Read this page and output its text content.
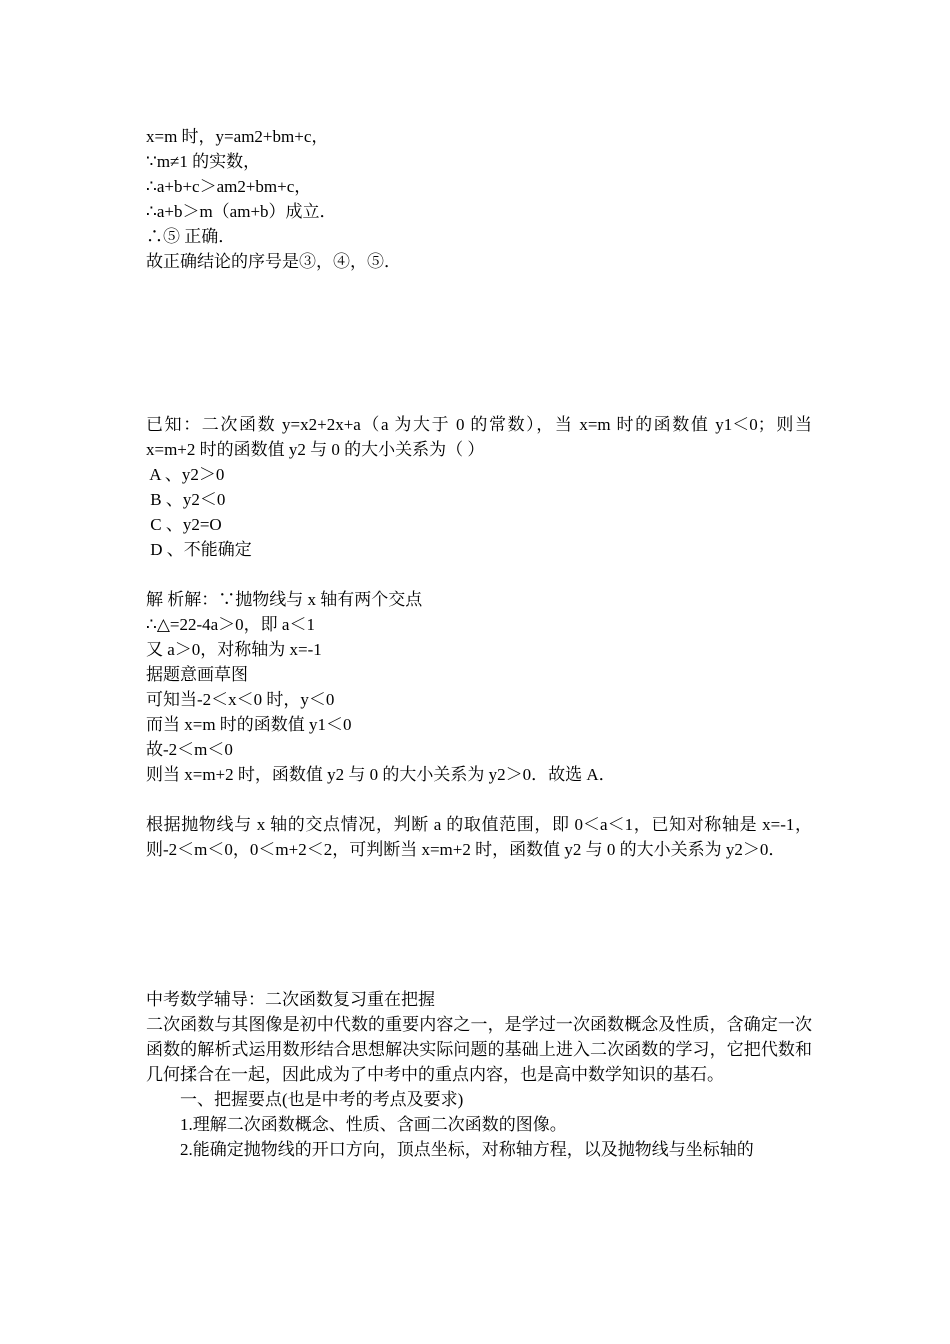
x=m 时，y=am2+bm+c，

∵m≠1 的实数，

∴a+b+c＞am2+bm+c，

∴a+b＞m（am+b）成立．

∴⑤ 正确．

故正确结论的序号是③，④，⑤．

已知：二次函数 y=x2+2x+a（a 为大于 0 的常数），当 x=m 时的函数值 y1＜0；则当 x=m+2 时的函数值 y2 与 0 的大小关系为（ ）

A 、y2＞0

B 、y2＜0

C 、y2=O

D 、不能确定

解 析解：∵抛物线与 x 轴有两个交点

∴△=22-4a＞0，即 a＜1

又 a＞0，对称轴为 x=-1

据题意画草图

可知当-2＜x＜0 时，y＜0

而当 x=m 时的函数值 y1＜0

故-2＜m＜0

则当 x=m+2 时，函数值 y2 与 0 的大小关系为 y2＞0．故选 A．

根据抛物线与 x 轴的交点情况，判断 a 的取值范围，即 0＜a＜1，已知对称轴是 x=-1，则-2＜m＜0，0＜m+2＜2，可判断当 x=m+2 时，函数值 y2 与 0 的大小关系为 y2＞0．

中考数学辅导：二次函数复习重在把握

二次函数与其图像是初中代数的重要内容之一，是学过一次函数概念及性质，含确定一次函数的解析式运用数形结合思想解决实际问题的基础上进入二次函数的学习，它把代数和几何揉合在一起，因此成为了中考中的重点内容，也是高中数学知识的基石。

一、把握要点(也是中考的考点及要求)

1.理解二次函数概念、性质、含画二次函数的图像。

2.能确定抛物线的开口方向，顶点坐标，对称轴方程，以及抛物线与坐标轴的
